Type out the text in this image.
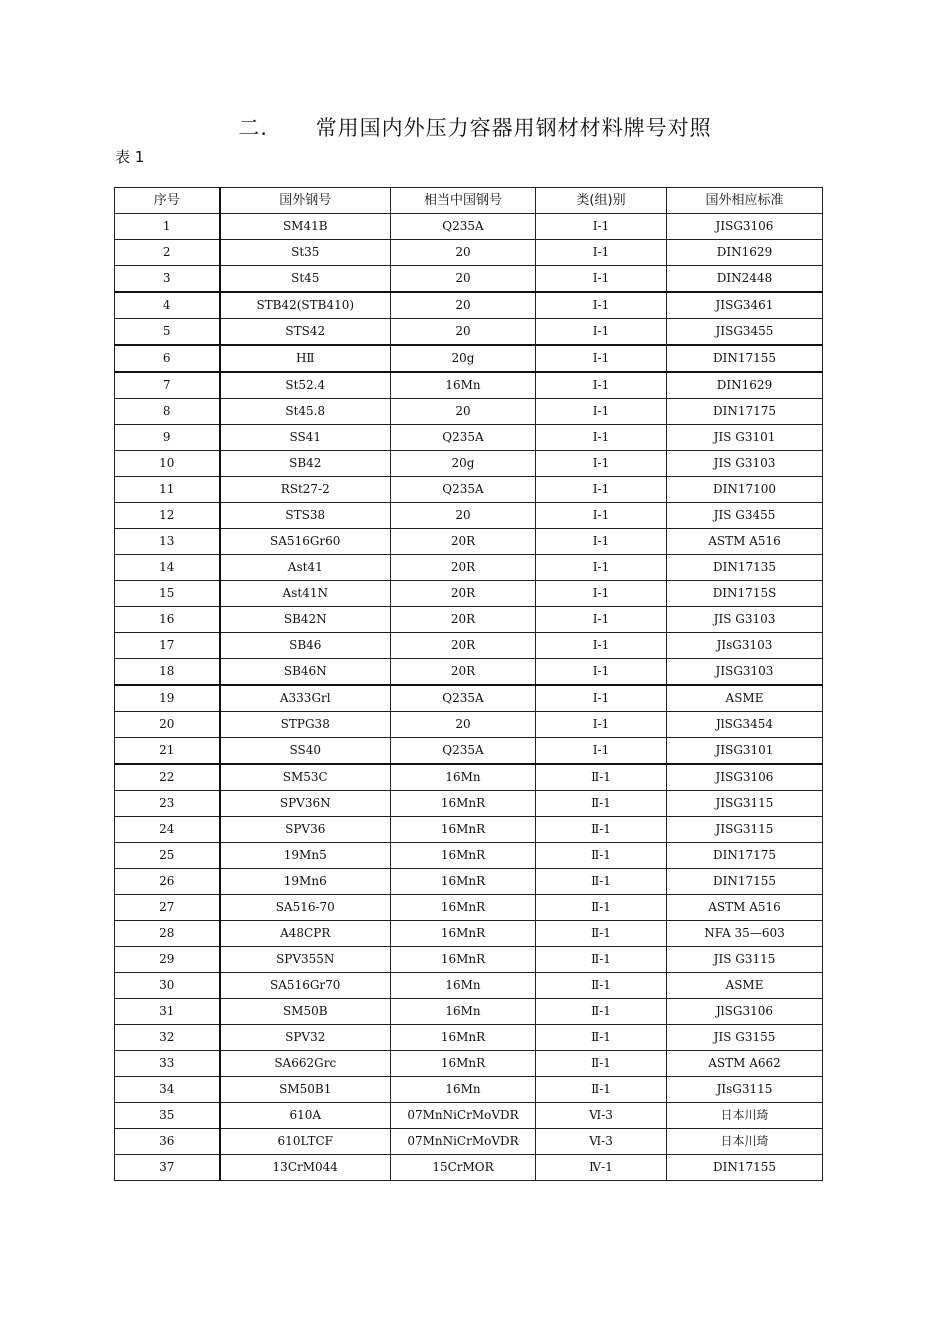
二. 常用国内外压力容器用钢材材料牌号对照
表 1
序号	国外钢号	相当中国钢号	类(组)别	国外相应标准
1	SM41B	Q235A	I-1	JISG3106
2	St35	20	I-1	DIN1629
3	St45	20	I-1	DIN2448
4	STB42(STB410)	20	I-1	JISG3461
5	STS42	20	I-1	JISG3455
6	HⅡ	20g	I-1	DIN17155
7	St52.4	16Mn	I-1	DIN1629
8	St45.8	20	I-1	DIN17175
9	SS41	Q235A	I-1	JIS G3101
10	SB42	20g	I-1	JIS G3103
11	RSt27-2	Q235A	I-1	DIN17100
12	STS38	20	I-1	JIS G3455
13	SA516Gr60	20R	I-1	ASTM A516
14	Ast41	20R	I-1	DIN17135
15	Ast41N	20R	I-1	DIN1715S
16	SB42N	20R	I-1	JIS G3103
17	SB46	20R	I-1	JIsG3103
18	SB46N	20R	I-1	JISG3103
19	A333Grl	Q235A	I-1	ASME
20	STPG38	20	I-1	JlSG3454
21	SS40	Q235A	I-1	JISG3101
22	SM53C	16Mn	Ⅱ-1	JISG3106
23	SPV36N	16MnR	Ⅱ-1	JISG3115
24	SPV36	16MnR	Ⅱ-1	JISG3115
25	19Mn5	16MnR	Ⅱ-1	DIN17175
26	19Mn6	16MnR	Ⅱ-1	DIN17155
27	SA516-70	16MnR	Ⅱ-1	ASTM A516
28	A48CPR	16MnR	Ⅱ-1	NFA 35—603
29	SPV355N	16MnR	Ⅱ-1	JIS G3115
30	SA516Gr70	16Mn	Ⅱ-1	ASME
31	SM50B	16Mn	Ⅱ-1	JlSG3106
32	SPV32	16MnR	Ⅱ-1	JIS G3155
33	SA662Grc	16MnR	Ⅱ-1	ASTM A662
34	SM50B1	16Mn	Ⅱ-1	JIsG3115
35	610A	07MnNiCrMoVDR	Ⅵ-3	日本川琦
36	610LTCF	07MnNiCrMoVDR	Ⅵ-3	日本川琦
37	13CrM044	15CrMOR	Ⅳ-1	DIN17155
